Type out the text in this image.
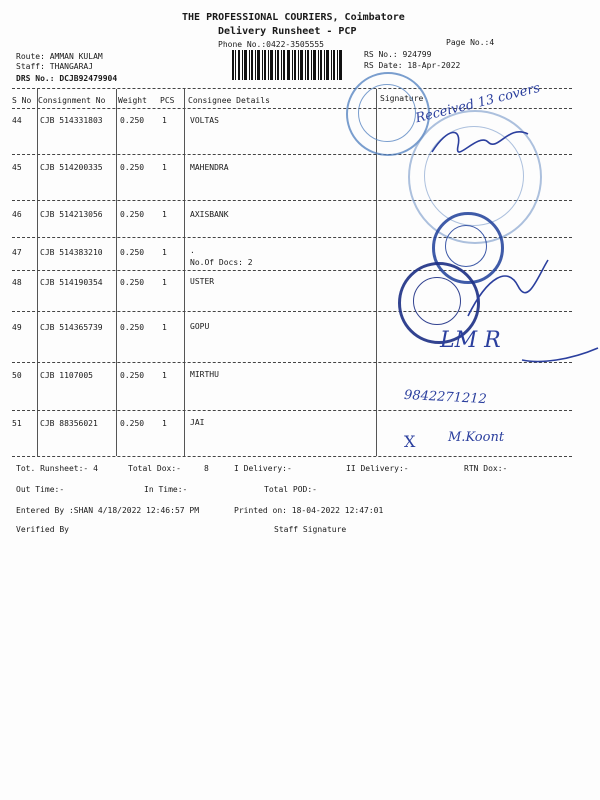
THE PROFESSIONAL COURIERS, Coimbatore
Delivery Runsheet - PCP
Phone No.:0422-3505555	Page No.:4
Route: AMMAN KULAM
Staff: THANGARAJ
DRS No.: DCJB92479904
RS No.: 924799
RS Date: 18-Apr-2022
S No Consignment No Weight PCS Consignee Details	Signature
44 CJB 514331803 0.250 1	VOLTAS
45 CJB 514200335 0.250 1	MAHENDRA
46 CJB 514213056 0.250 1	AXISBANK
47 CJB 514383210 0.250 1	.
No.Of Docs: 2
48 CJB 514190354 0.250 1	USTER
49 CJB 514365739 0.250 1	GOPU
50 CJB 1107005	0.250 1	MIRTHU
51 CJB 88356021	0.250 1	JAI
Tot. Runsheet:- 4	Total Dox:-	8	I Delivery:-	II Delivery:-	RTN Dox:-
Out Time:-	In Time:-	Total POD:-
Entered By :SHAN 4/18/2022 12:46:57 PM	Printed on: 18-04-2022 12:47:01
Verified By	Staff Signature
Received 13 covers
LM R
9842271212
X	M.Koont
